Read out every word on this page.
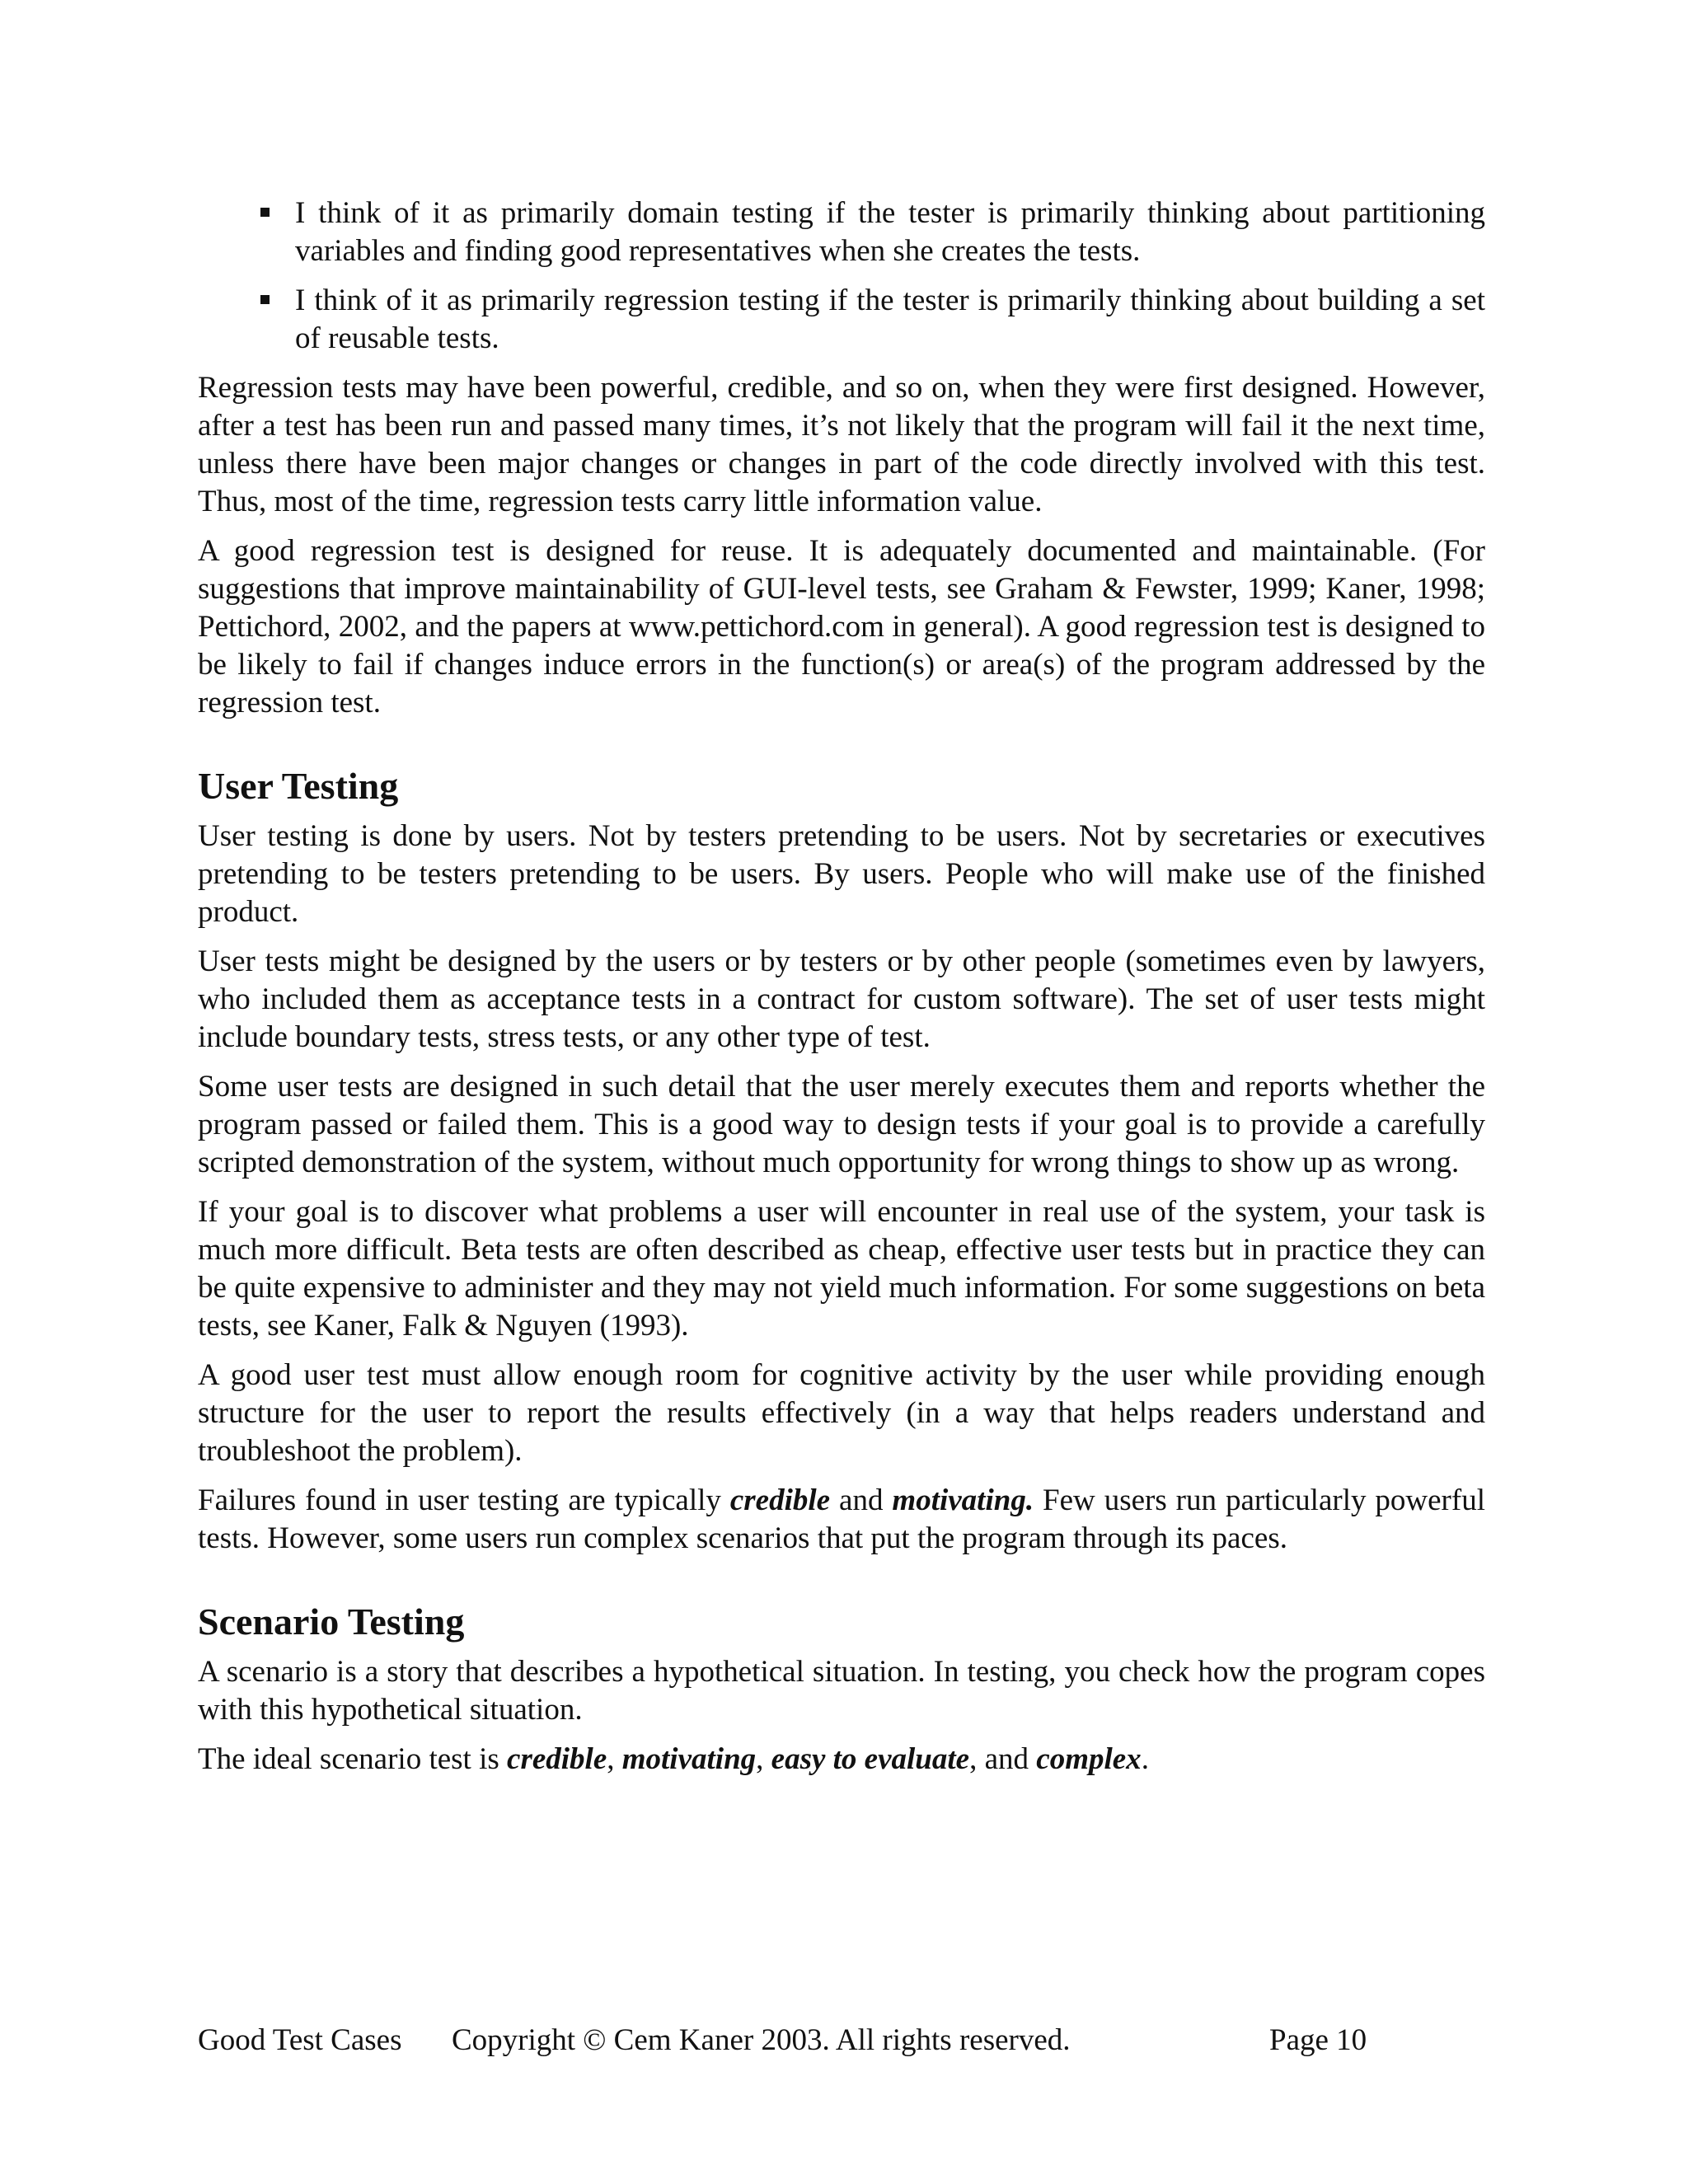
I think of it as primarily domain testing if the tester is primarily thinking about partitioning variables and finding good representatives when she creates the tests.
I think of it as primarily regression testing if the tester is primarily thinking about building a set of reusable tests.

Regression tests may have been powerful, credible, and so on, when they were first designed. However, after a test has been run and passed many times, it’s not likely that the program will fail it the next time, unless there have been major changes or changes in part of the code directly involved with this test. Thus, most of the time, regression tests carry little information value.

A good regression test is designed for reuse. It is adequately documented and maintainable. (For suggestions that improve maintainability of GUI-level tests, see Graham & Fewster, 1999; Kaner, 1998; Pettichord, 2002, and the papers at www.pettichord.com in general). A good regression test is designed to be likely to fail if changes induce errors in the function(s) or area(s) of the program addressed by the regression test.

User Testing

User testing is done by users. Not by testers pretending to be users. Not by secretaries or executives pretending to be testers pretending to be users. By users. People who will make use of the finished product.

User tests might be designed by the users or by testers or by other people (sometimes even by lawyers, who included them as acceptance tests in a contract for custom software). The set of user tests might include boundary tests, stress tests, or any other type of test.

Some user tests are designed in such detail that the user merely executes them and reports whether the program passed or failed them. This is a good way to design tests if your goal is to provide a carefully scripted demonstration of the system, without much opportunity for wrong things to show up as wrong.

If your goal is to discover what problems a user will encounter in real use of the system, your task is much more difficult. Beta tests are often described as cheap, effective user tests but in practice they can be quite expensive to administer and they may not yield much information. For some suggestions on beta tests, see Kaner, Falk & Nguyen (1993).

A good user test must allow enough room for cognitive activity by the user while providing enough structure for the user to report the results effectively (in a way that helps readers understand and troubleshoot the problem).

Failures found in user testing are typically credible and motivating. Few users run particularly powerful tests. However, some users run complex scenarios that put the program through its paces.

Scenario Testing

A scenario is a story that describes a hypothetical situation. In testing, you check how the program copes with this hypothetical situation.

The ideal scenario test is credible, motivating, easy to evaluate, and complex.

Good Test Cases Copyright © Cem Kaner 2003. All rights reserved.	Page 10
